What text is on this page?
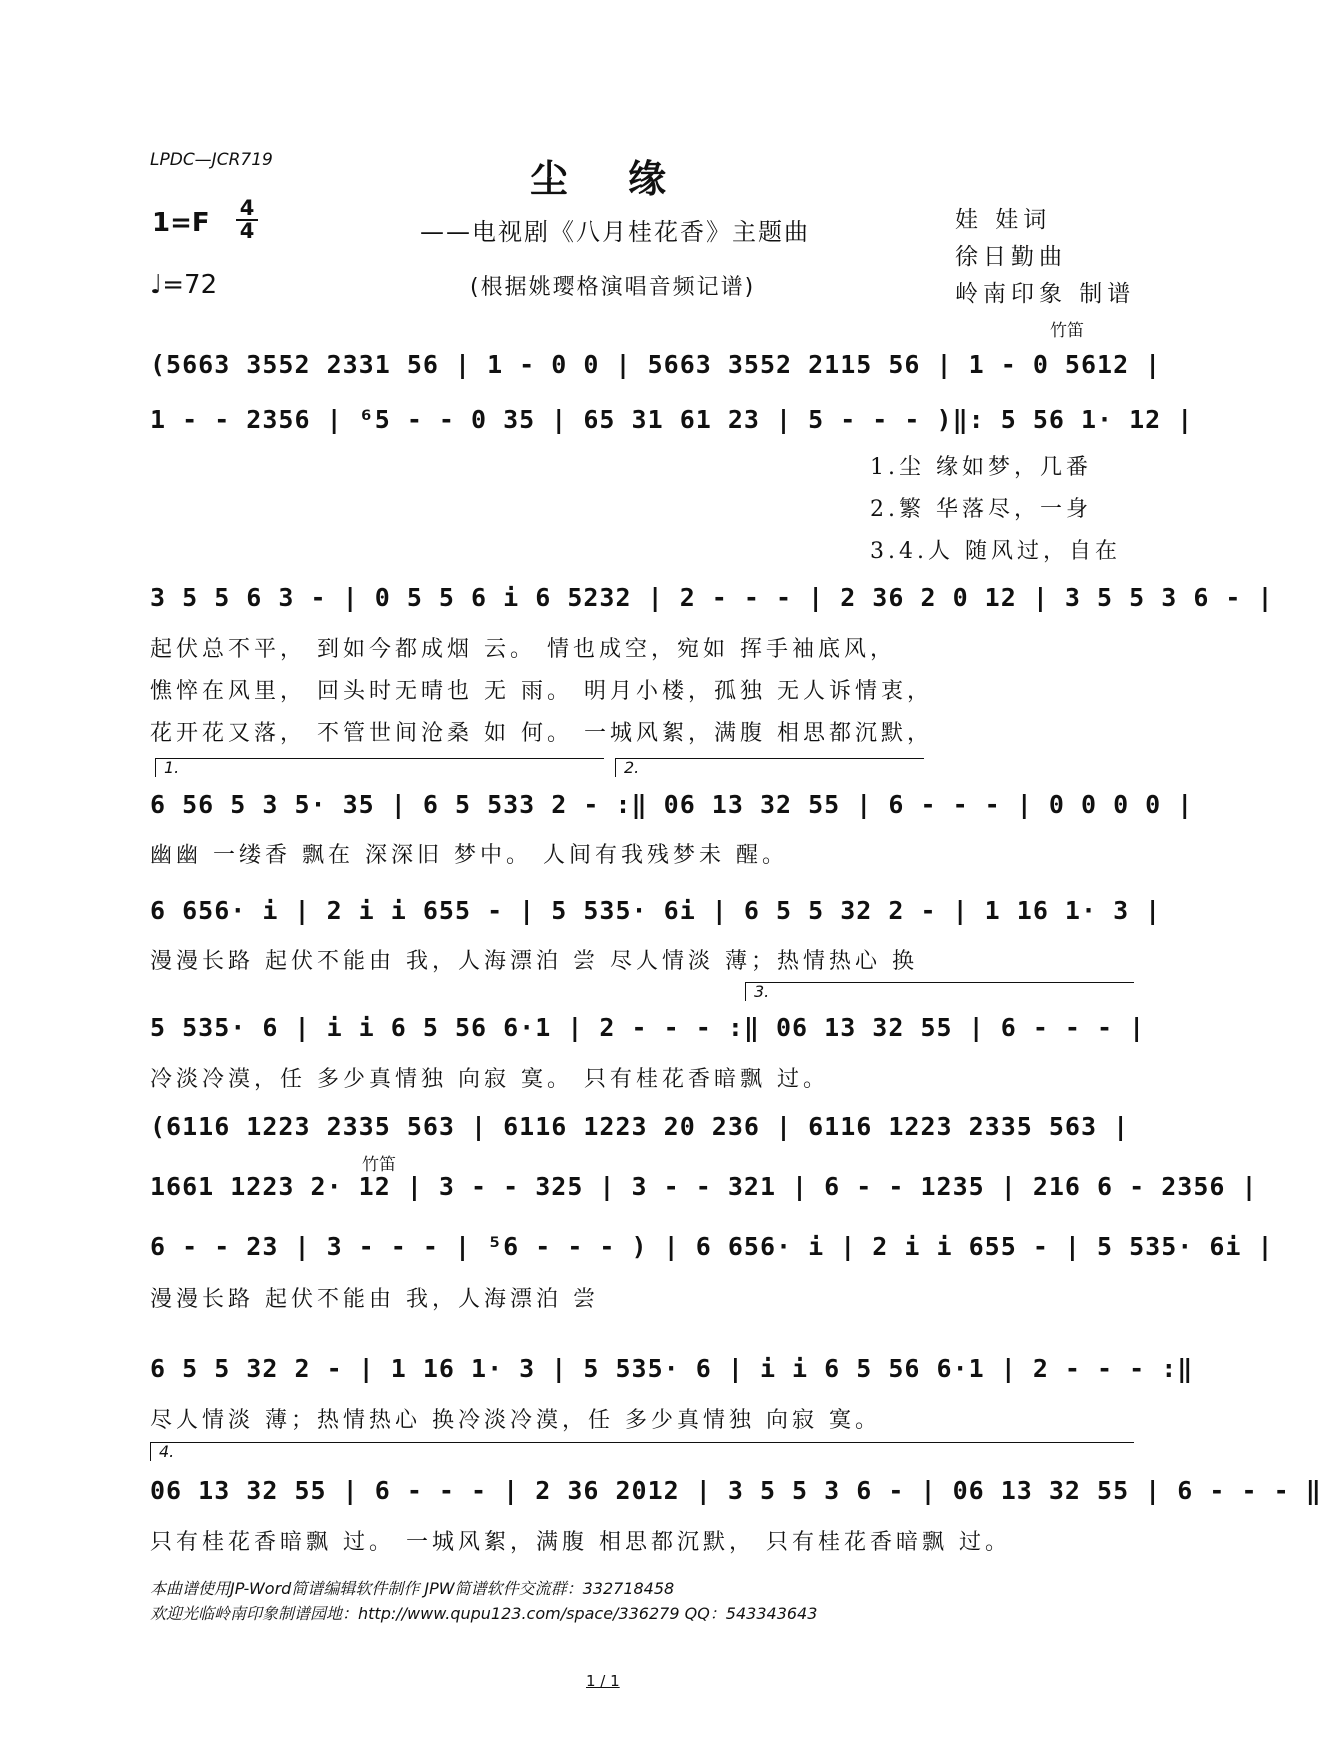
LPDC—JCR719	尘缘
——电视剧《八月桂花香》主题曲
(根据姚璎格演唱音频记谱)
1=F 4
4
♩=72
娃 娃词
徐日勤曲
岭南印象 制谱
竹笛
(5663 3552 2331 56 | 1 - 0 0 | 5663 3552 2115 56 | 1 - 0 5612 |
1 - - 2356 | ⁶5 - - 0 35 | 65 31 61 23 | 5 - - - )‖: 5 56 1· 12 |
1.尘 缘如梦，几番
2.繁 华落尽，一身
3.4.人 随风过，自在
3 5 5 6 3 - | 0 5 5 6 i 6 5232 | 2 - - - | 2 36 2 0 12 | 3 5 5 3 6 - |
起伏总不平， 到如今都成烟 云。 情也成空，宛如 挥手袖底风，
憔悴在风里， 回头时无晴也 无 雨。 明月小楼，孤独 无人诉情衷，
花开花又落， 不管世间沧桑 如 何。 一城风絮，满腹 相思都沉默，
1.	2.
6 56 5 3 5· 35 | 6 5 533 2 - :‖ 06 13 32 55 | 6 - - - | 0 0 0 0 |
幽幽 一缕香 飘在 深深旧 梦中。 人间有我残梦未 醒。
6 656· i | 2 i i 655 - | 5 535· 6i | 6 5 5 32 2 - | 1 16 1· 3 |
漫漫长路 起伏不能由 我，人海漂泊 尝 尽人情淡 薄；热情热心 换
3.
5 535· 6 | i i 6 5 56 6·1 | 2 - - - :‖ 06 13 32 55 | 6 - - - |
冷淡冷漠，任 多少真情独 向寂 寞。 只有桂花香暗飘 过。
(6116 1223 2335 563 | 6116 1223 20 236 | 6116 1223 2335 563 |
竹笛
1661 1223 2· 12 | 3 - - 325 | 3 - - 321 | 6 - - 1235 | 216 6 - 2356 |
6 - - 23 | 3 - - - | ⁵6 - - - ) | 6 656· i | 2 i i 655 - | 5 535· 6i |
漫漫长路 起伏不能由 我，人海漂泊 尝
6 5 5 32 2 - | 1 16 1· 3 | 5 535· 6 | i i 6 5 56 6·1 | 2 - - - :‖
尽人情淡 薄；热情热心 换冷淡冷漠，任 多少真情独 向寂 寞。
4.
06 13 32 55 | 6 - - - | 2 36 2012 | 3 5 5 3 6 - | 06 13 32 55 | 6 - - - ‖
只有桂花香暗飘 过。 一城风絮，满腹 相思都沉默， 只有桂花香暗飘 过。
本曲谱使用JP-Word简谱编辑软件制作 JPW简谱软件交流群：332718458
欢迎光临岭南印象制谱园地：http://www.qupu123.com/space/336279 QQ：543343643
1 / 1
